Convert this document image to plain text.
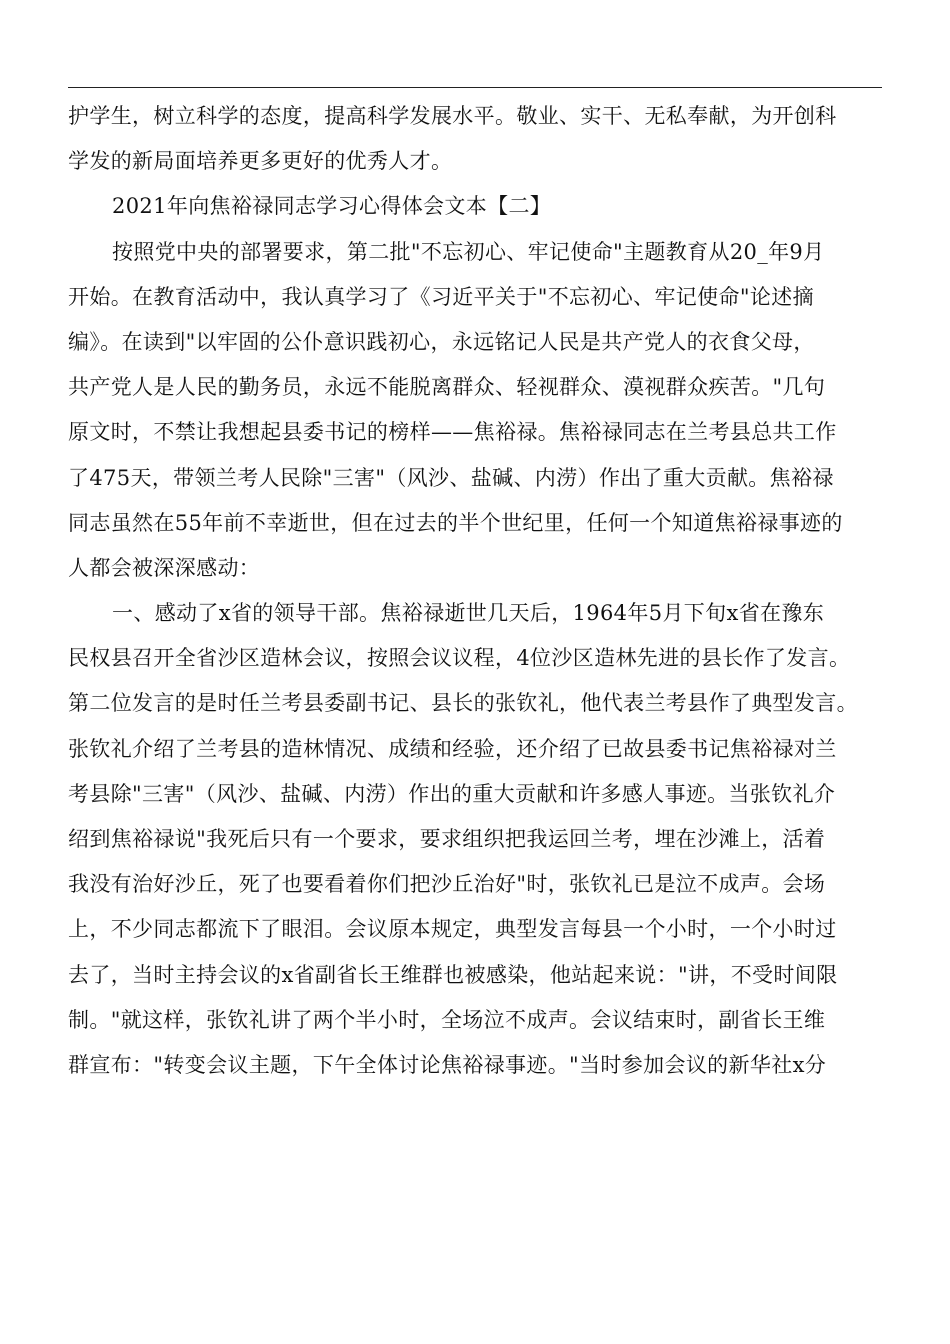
护学生，树立科学的态度，提高科学发展水平。敬业、实干、无私奉献，为开创科
学发的新局面培养更多更好的优秀人才。
2021年向焦裕禄同志学习心得体会文本【二】
按照党中央的部署要求，第二批"不忘初心、牢记使命"主题教育从20_年9月
开始。在教育活动中，我认真学习了《习近平关于"不忘初心、牢记使命"论述摘
编》。在读到"以牢固的公仆意识践初心，永远铭记人民是共产党人的衣食父母，
共产党人是人民的勤务员，永远不能脱离群众、轻视群众、漠视群众疾苦。"几句
原文时，不禁让我想起县委书记的榜样——焦裕禄。焦裕禄同志在兰考县总共工作
了475天，带领兰考人民除"三害"（风沙、盐碱、内涝）作出了重大贡献。焦裕禄
同志虽然在55年前不幸逝世，但在过去的半个世纪里，任何一个知道焦裕禄事迹的
人都会被深深感动：
一、感动了x省的领导干部。焦裕禄逝世几天后，1964年5月下旬x省在豫东
民权县召开全省沙区造林会议，按照会议议程，4位沙区造林先进的县长作了发言。
第二位发言的是时任兰考县委副书记、县长的张钦礼，他代表兰考县作了典型发言。
张钦礼介绍了兰考县的造林情况、成绩和经验，还介绍了已故县委书记焦裕禄对兰
考县除"三害"（风沙、盐碱、内涝）作出的重大贡献和许多感人事迹。当张钦礼介
绍到焦裕禄说"我死后只有一个要求，要求组织把我运回兰考，埋在沙滩上，活着
我没有治好沙丘，死了也要看着你们把沙丘治好"时，张钦礼已是泣不成声。会场
上，不少同志都流下了眼泪。会议原本规定，典型发言每县一个小时，一个小时过
去了，当时主持会议的x省副省长王维群也被感染，他站起来说："讲，不受时间限
制。"就这样，张钦礼讲了两个半小时，全场泣不成声。会议结束时，副省长王维
群宣布："转变会议主题，下午全体讨论焦裕禄事迹。"当时参加会议的新华社x分
